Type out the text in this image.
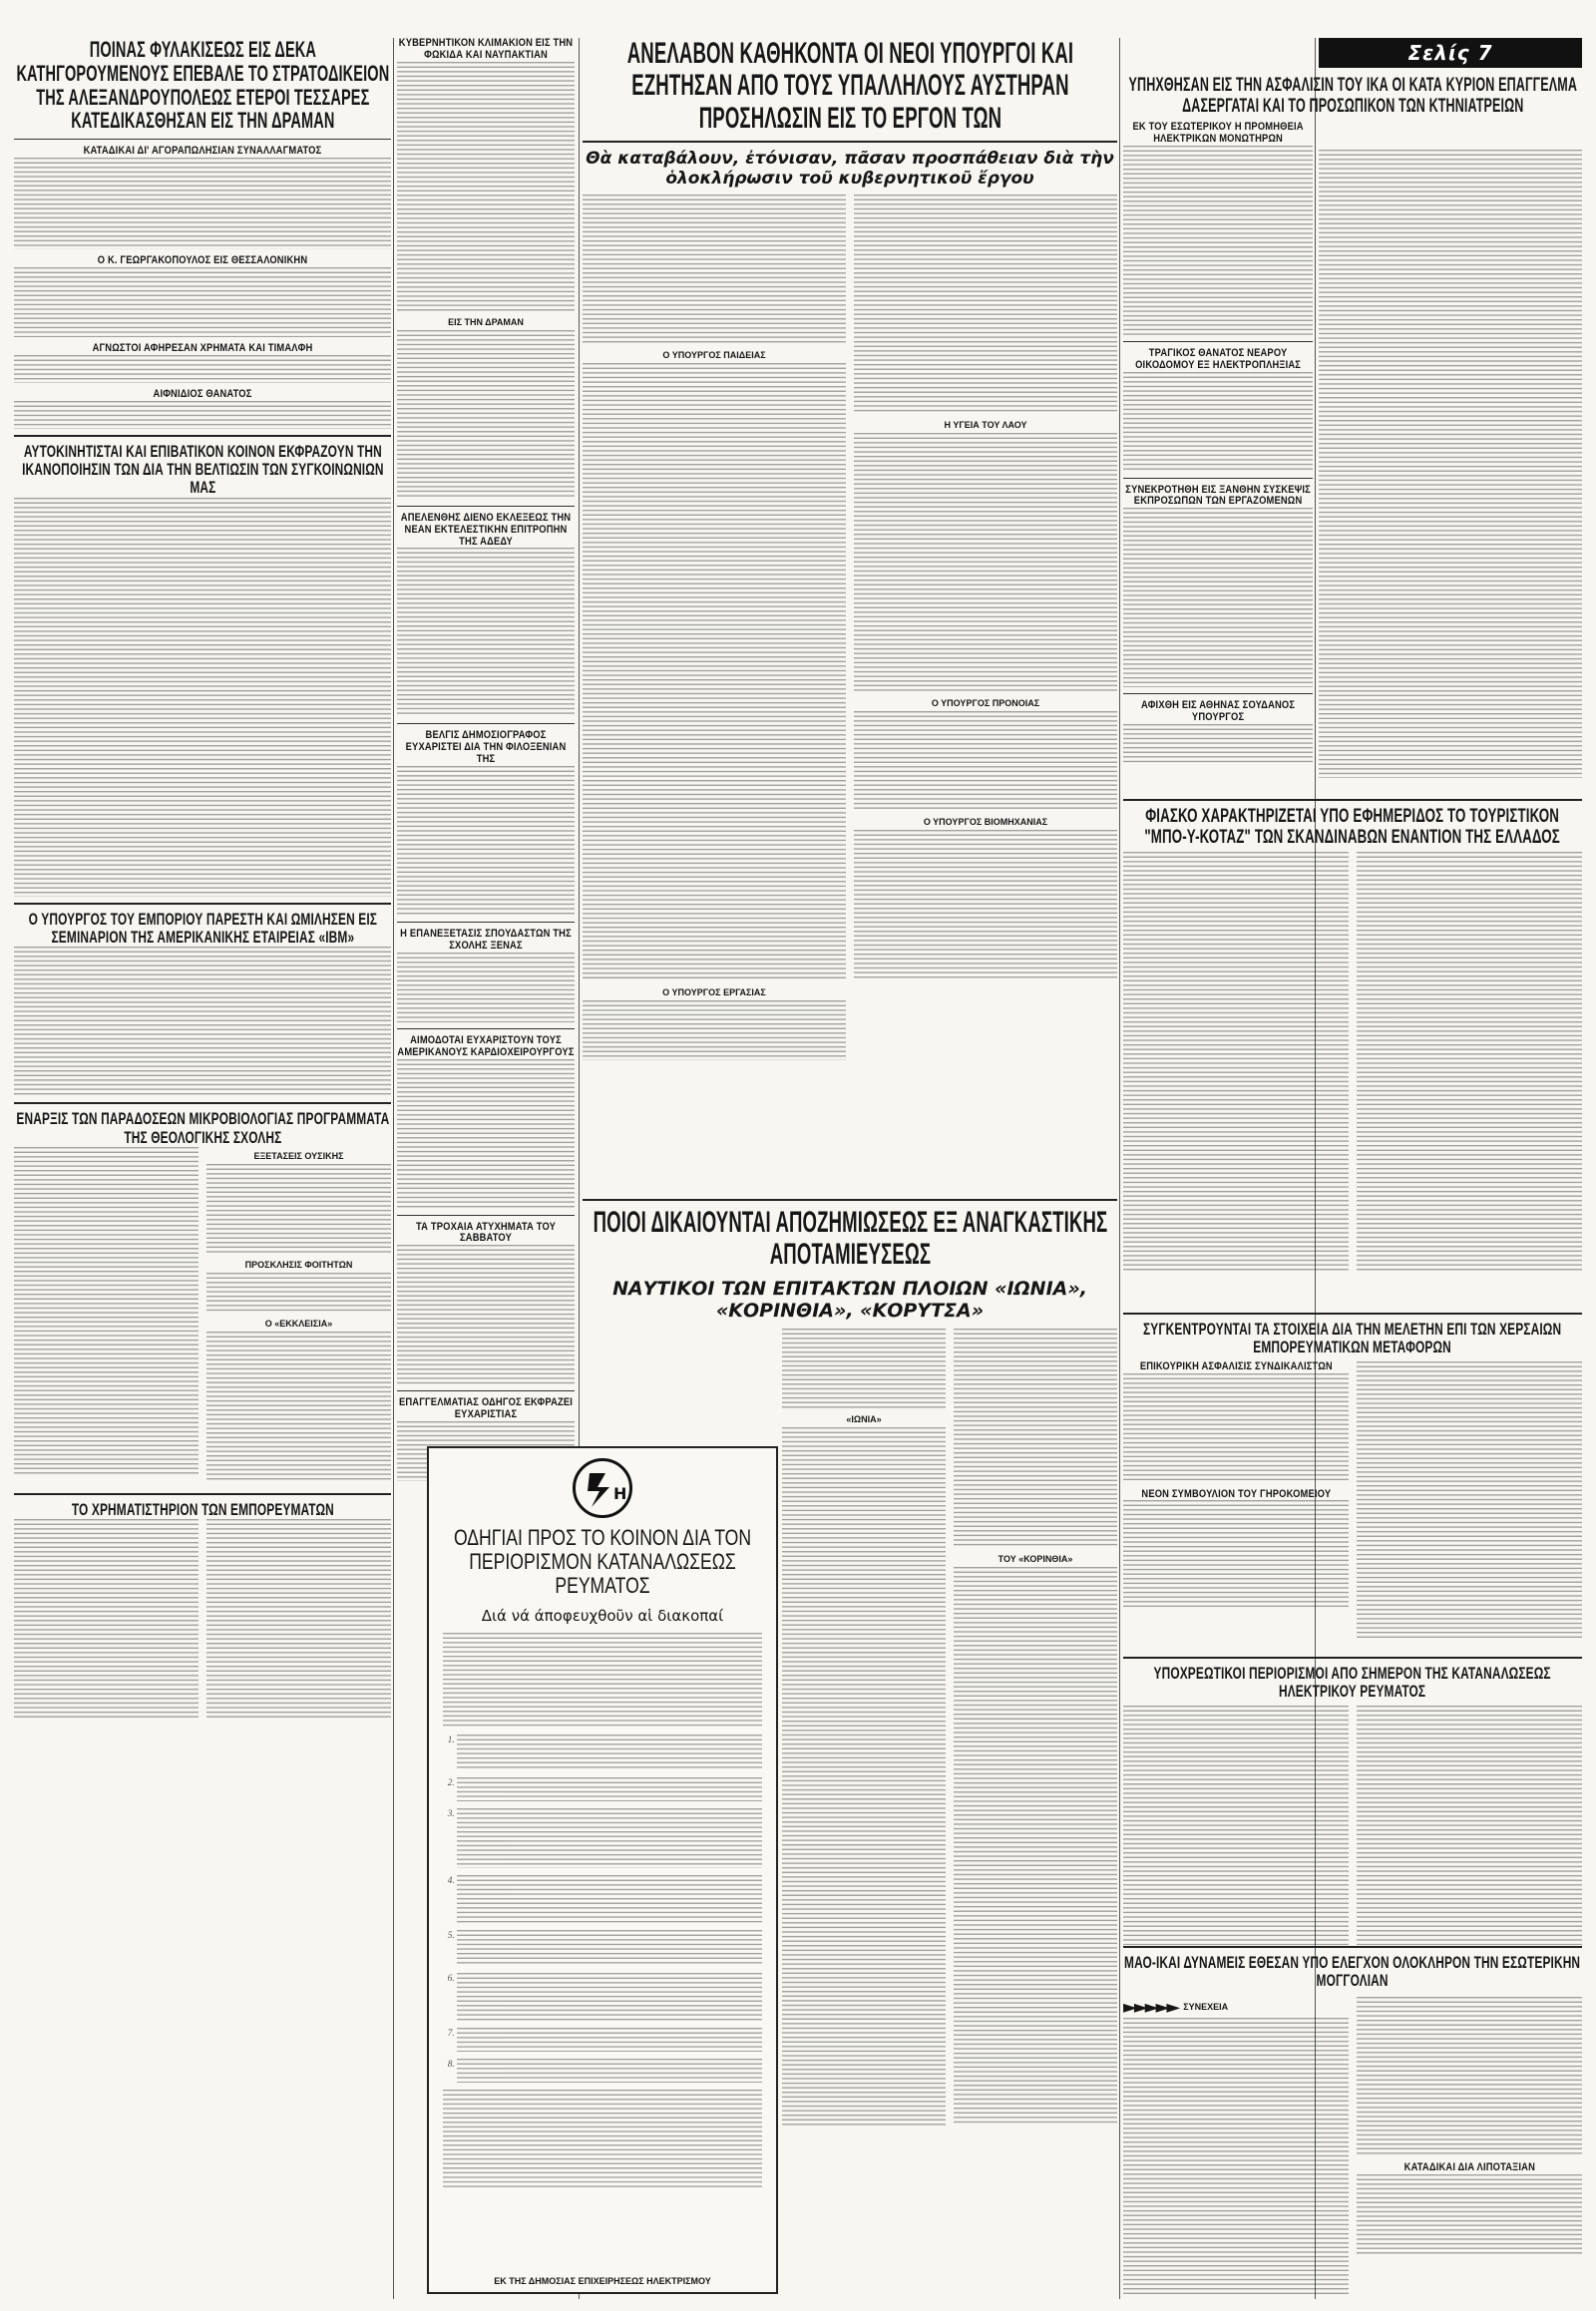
ΠΟΙΝΑΣ ΦΥΛΑΚΙΣΕΩΣ ΕΙΣ ΔΕΚΑ ΚΑΤΗΓΟΡΟΥΜΕΝΟΥΣ ΕΠΕΒΑΛΕ ΤΟ ΣΤΡΑΤΟΔΙΚΕΙΟΝ ΤΗΣ ΑΛΕΞΑΝΔΡΟΥΠΟΛΕΩΣ ΕΤΕΡΟΙ ΤΕΣΣΑΡΕΣ ΚΑΤΕΔΙΚΑΣΘΗΣΑΝ ΕΙΣ ΤΗΝ ΔΡΑΜΑΝ
ΚΑΤΑΔΙΚΑΙ ΔΙ' ΑΓΟΡΑΠΩΛΗΣΙΑΝ ΣΥΝΑΛΛΑΓΜΑΤΟΣ
Ο Κ. ΓΕΩΡΓΑΚΟΠΟΥΛΟΣ ΕΙΣ ΘΕΣΣΑΛΟΝΙΚΗΝ
ΑΓΝΩΣΤΟΙ ΑΦΗΡΕΣΑΝ ΧΡΗΜΑΤΑ ΚΑΙ ΤΙΜΑΛΦΗ
ΑΙΦΝΙΔΙΟΣ ΘΑΝΑΤΟΣ
ΑΥΤΟΚΙΝΗΤΙΣΤΑΙ ΚΑΙ ΕΠΙΒΑΤΙΚΟΝ ΚΟΙΝΟΝ ΕΚΦΡΑΖΟΥΝ ΤΗΝ ΙΚΑΝΟΠΟΙΗΣΙΝ ΤΩΝ ΔΙΑ ΤΗΝ ΒΕΛΤΙΩΣΙΝ ΤΩΝ ΣΥΓΚΟΙΝΩΝΙΩΝ ΜΑΣ
Ο ΥΠΟΥΡΓΟΣ ΤΟΥ ΕΜΠΟΡΙΟΥ ΠΑΡΕΣΤΗ ΚΑΙ ΩΜΙΛΗΣΕΝ ΕΙΣ ΣΕΜΙΝΑΡΙΟΝ ΤΗΣ ΑΜΕΡΙΚΑΝΙΚΗΣ ΕΤΑΙΡΕΙΑΣ «ΙΒΜ»
ΕΝΑΡΞΙΣ ΤΩΝ ΠΑΡΑΔΟΣΕΩΝ ΜΙΚΡΟΒΙΟΛΟΓΙΑΣ ΠΡΟΓΡΑΜΜΑΤΑ ΤΗΣ ΘΕΟΛΟΓΙΚΗΣ ΣΧΟΛΗΣ
ΕΞΕΤΑΣΕΙΣ ΟΥΣΙΚΗΣ
ΠΡΟΣΚΛΗΣΙΣ ΦΟΙΤΗΤΩΝ
Ο «ΕΚΚΛΕΙΣΙΑ»
ΤΟ ΧΡΗΜΑΤΙΣΤΗΡΙΟΝ ΤΩΝ ΕΜΠΟΡΕΥΜΑΤΩΝ
ΚΥΒΕΡΝΗΤΙΚΟΝ ΚΛΙΜΑΚΙΟΝ ΕΙΣ ΤΗΝ ΦΩΚΙΔΑ ΚΑΙ ΝΑΥΠΑΚΤΙΑΝ
ΕΙΣ ΤΗΝ ΔΡΑΜΑΝ
ΑΠΕΛΕΝΘΗΣ ΔΙΕΝΟ ΕΚΛΕΞΕΩΣ ΤΗΝ ΝΕΑΝ ΕΚΤΕΛΕΣΤΙΚΗΝ ΕΠΙΤΡΟΠΗΝ ΤΗΣ ΑΔΕΔΥ
ΒΕΛΓΙΣ ΔΗΜΟΣΙΟΓΡΑΦΟΣ ΕΥΧΑΡΙΣΤΕΙ ΔΙΑ ΤΗΝ ΦΙΛΟΞΕΝΙΑΝ ΤΗΣ
Η ΕΠΑΝΕΞΕΤΑΣΙΣ ΣΠΟΥΔΑΣΤΩΝ ΤΗΣ ΣΧΟΛΗΣ ΞΕΝΑΣ
ΑΙΜΟΔΟΤΑΙ ΕΥΧΑΡΙΣΤΟΥΝ ΤΟΥΣ ΑΜΕΡΙΚΑΝΟΥΣ ΚΑΡΔΙΟΧΕΙΡΟΥΡΓΟΥΣ
ΤΑ ΤΡΟΧΑΙΑ ΑΤΥΧΗΜΑΤΑ ΤΟΥ ΣΑΒΒΑΤΟΥ
ΕΠΑΓΓΕΛΜΑΤΙΑΣ ΟΔΗΓΟΣ ΕΚΦΡΑΖΕΙ ΕΥΧΑΡΙΣΤΙΑΣ
ΑΝΕΛΑΒΟΝ ΚΑΘΗΚΟΝΤΑ ΟΙ ΝΕΟΙ ΥΠΟΥΡΓΟΙ ΚΑΙ ΕΖΗΤΗΣΑΝ ΑΠΟ ΤΟΥΣ ΥΠΑΛΛΗΛΟΥΣ ΑΥΣΤΗΡΑΝ ΠΡΟΣΗΛΩΣΙΝ ΕΙΣ ΤΟ ΕΡΓΟΝ ΤΩΝ
Θὰ καταβάλουν, ἐτόνισαν, πᾶσαν προσπάθειαν διὰ τὴν ὁλοκλήρωσιν τοῦ κυβερνητικοῦ ἔργου
Ο ΥΠΟΥΡΓΟΣ ΠΑΙΔΕΙΑΣ
Ο ΥΠΟΥΡΓΟΣ ΕΡΓΑΣΙΑΣ
Η ΥΓΕΙΑ ΤΟΥ ΛΑΟΥ
Ο ΥΠΟΥΡΓΟΣ ΠΡΟΝΟΙΑΣ
Ο ΥΠΟΥΡΓΟΣ ΒΙΟΜΗΧΑΝΙΑΣ
ΠΟΙΟΙ ΔΙΚΑΙΟΥΝΤΑΙ ΑΠΟΖΗΜΙΩΣΕΩΣ ΕΞ ΑΝΑΓΚΑΣΤΙΚΗΣ ΑΠΟΤΑΜΙΕΥΣΕΩΣ
ΝΑΥΤΙΚΟΙ ΤΩΝ ΕΠΙΤΑΚΤΩΝ ΠΛΟΙΩΝ «ΙΩΝΙΑ», «ΚΟΡΙΝΘΙΑ», «ΚΟΡΥΤΣΑ»
«ΙΩΝΙΑ»
ΤΟΥ «ΚΟΡΙΝΘΙΑ»
ΕΚ ΤΟΥ ΕΣΩΤΕΡΙΚΟΥ Η ΠΡΟΜΗΘΕΙΑ ΗΛΕΚΤΡΙΚΩΝ ΜΟΝΩΤΗΡΩΝ
ΤΡΑΓΙΚΟΣ ΘΑΝΑΤΟΣ ΝΕΑΡΟΥ ΟΙΚΟΔΟΜΟΥ ΕΞ ΗΛΕΚΤΡΟΠΛΗΞΙΑΣ
ΣΥΝΕΚΡΟΤΗΘΗ ΕΙΣ ΞΑΝΘΗΝ ΣΥΣΚΕΨΙΣ ΕΚΠΡΟΣΩΠΩΝ ΤΩΝ ΕΡΓΑΖΟΜΕΝΩΝ
ΑΦΙΧΘΗ ΕΙΣ ΑΘΗΝΑΣ ΣΟΥΔΑΝΟΣ ΥΠΟΥΡΓΟΣ
Σελίς 7
ΥΠΗΧΘΗΣΑΝ ΕΙΣ ΤΗΝ ΑΣΦΑΛΙΣΙΝ ΤΟΥ ΙΚΑ ΟΙ ΚΑΤΑ ΚΥΡΙΟΝ ΕΠΑΓΓΕΛΜΑ ΔΑΣΕΡΓΑΤΑΙ ΚΑΙ ΤΟ ΠΡΟΣΩΠΙΚΟΝ ΤΩΝ ΚΤΗΝΙΑΤΡΕΙΩΝ
ΦΙΑΣΚΟ ΧΑΡΑΚΤΗΡΙΖΕΤΑΙ ΥΠΟ ΕΦΗΜΕΡΙΔΟΣ ΤΟ ΤΟΥΡΙΣΤΙΚΟΝ "ΜΠΟ-Υ-ΚΟΤΑΖ" ΤΩΝ ΣΚΑΝΔΙΝΑΒΩΝ ΕΝΑΝΤΙΟΝ ΤΗΣ ΕΛΛΑΔΟΣ
ΣΥΓΚΕΝΤΡΟΥΝΤΑΙ ΤΑ ΣΤΟΙΧΕΙΑ ΔΙΑ ΤΗΝ ΜΕΛΕΤΗΝ ΕΠΙ ΤΩΝ ΧΕΡΣΑΙΩΝ ΕΜΠΟΡΕΥΜΑΤΙΚΩΝ ΜΕΤΑΦΟΡΩΝ
ΕΠΙΚΟΥΡΙΚΗ ΑΣΦΑΛΙΣΙΣ ΣΥΝΔΙΚΑΛΙΣΤΩΝ
ΝΕΟΝ ΣΥΜΒΟΥΛΙΟΝ ΤΟΥ ΓΗΡΟΚΟΜΕΙΟΥ
ΥΠΟΧΡΕΩΤΙΚΟΙ ΠΕΡΙΟΡΙΣΜΟΙ ΑΠΟ ΣΗΜΕΡΟΝ ΤΗΣ ΚΑΤΑΝΑΛΩΣΕΩΣ ΗΛΕΚΤΡΙΚΟΥ ΡΕΥΜΑΤΟΣ
ΜΑΟ-ΙΚΑΙ ΔΥΝΑΜΕΙΣ ΕΘΕΣΑΝ ΥΠΟ ΕΛΕΓΧΟΝ ΟΛΟΚΛΗΡΟΝ ΤΗΝ ΕΣΩΤΕΡΙΚΗΝ ΜΟΓΓΟΛΙΑΝ
►►►►► ΣΥΝΕΧΕΙΑ
ΚΑΤΑΔΙΚΑΙ ΔΙΑ ΛΙΠΟΤΑΞΙΑΝ
Η
ΟΔΗΓΙΑΙ ΠΡΟΣ ΤΟ ΚΟΙΝΟΝ ΔΙΑ ΤΟΝ ΠΕΡΙΟΡΙΣΜΟΝ ΚΑΤΑΝΑΛΩΣΕΩΣ ΡΕΥΜΑΤΟΣ
Διά νά άποφευχθοῦν αἱ διακοπαί
1.
2.
3.
4.
5.
6.
7.
8.
ΕΚ ΤΗΣ ΔΗΜΟΣΙΑΣ ΕΠΙΧΕΙΡΗΣΕΩΣ ΗΛΕΚΤΡΙΣΜΟΥ
